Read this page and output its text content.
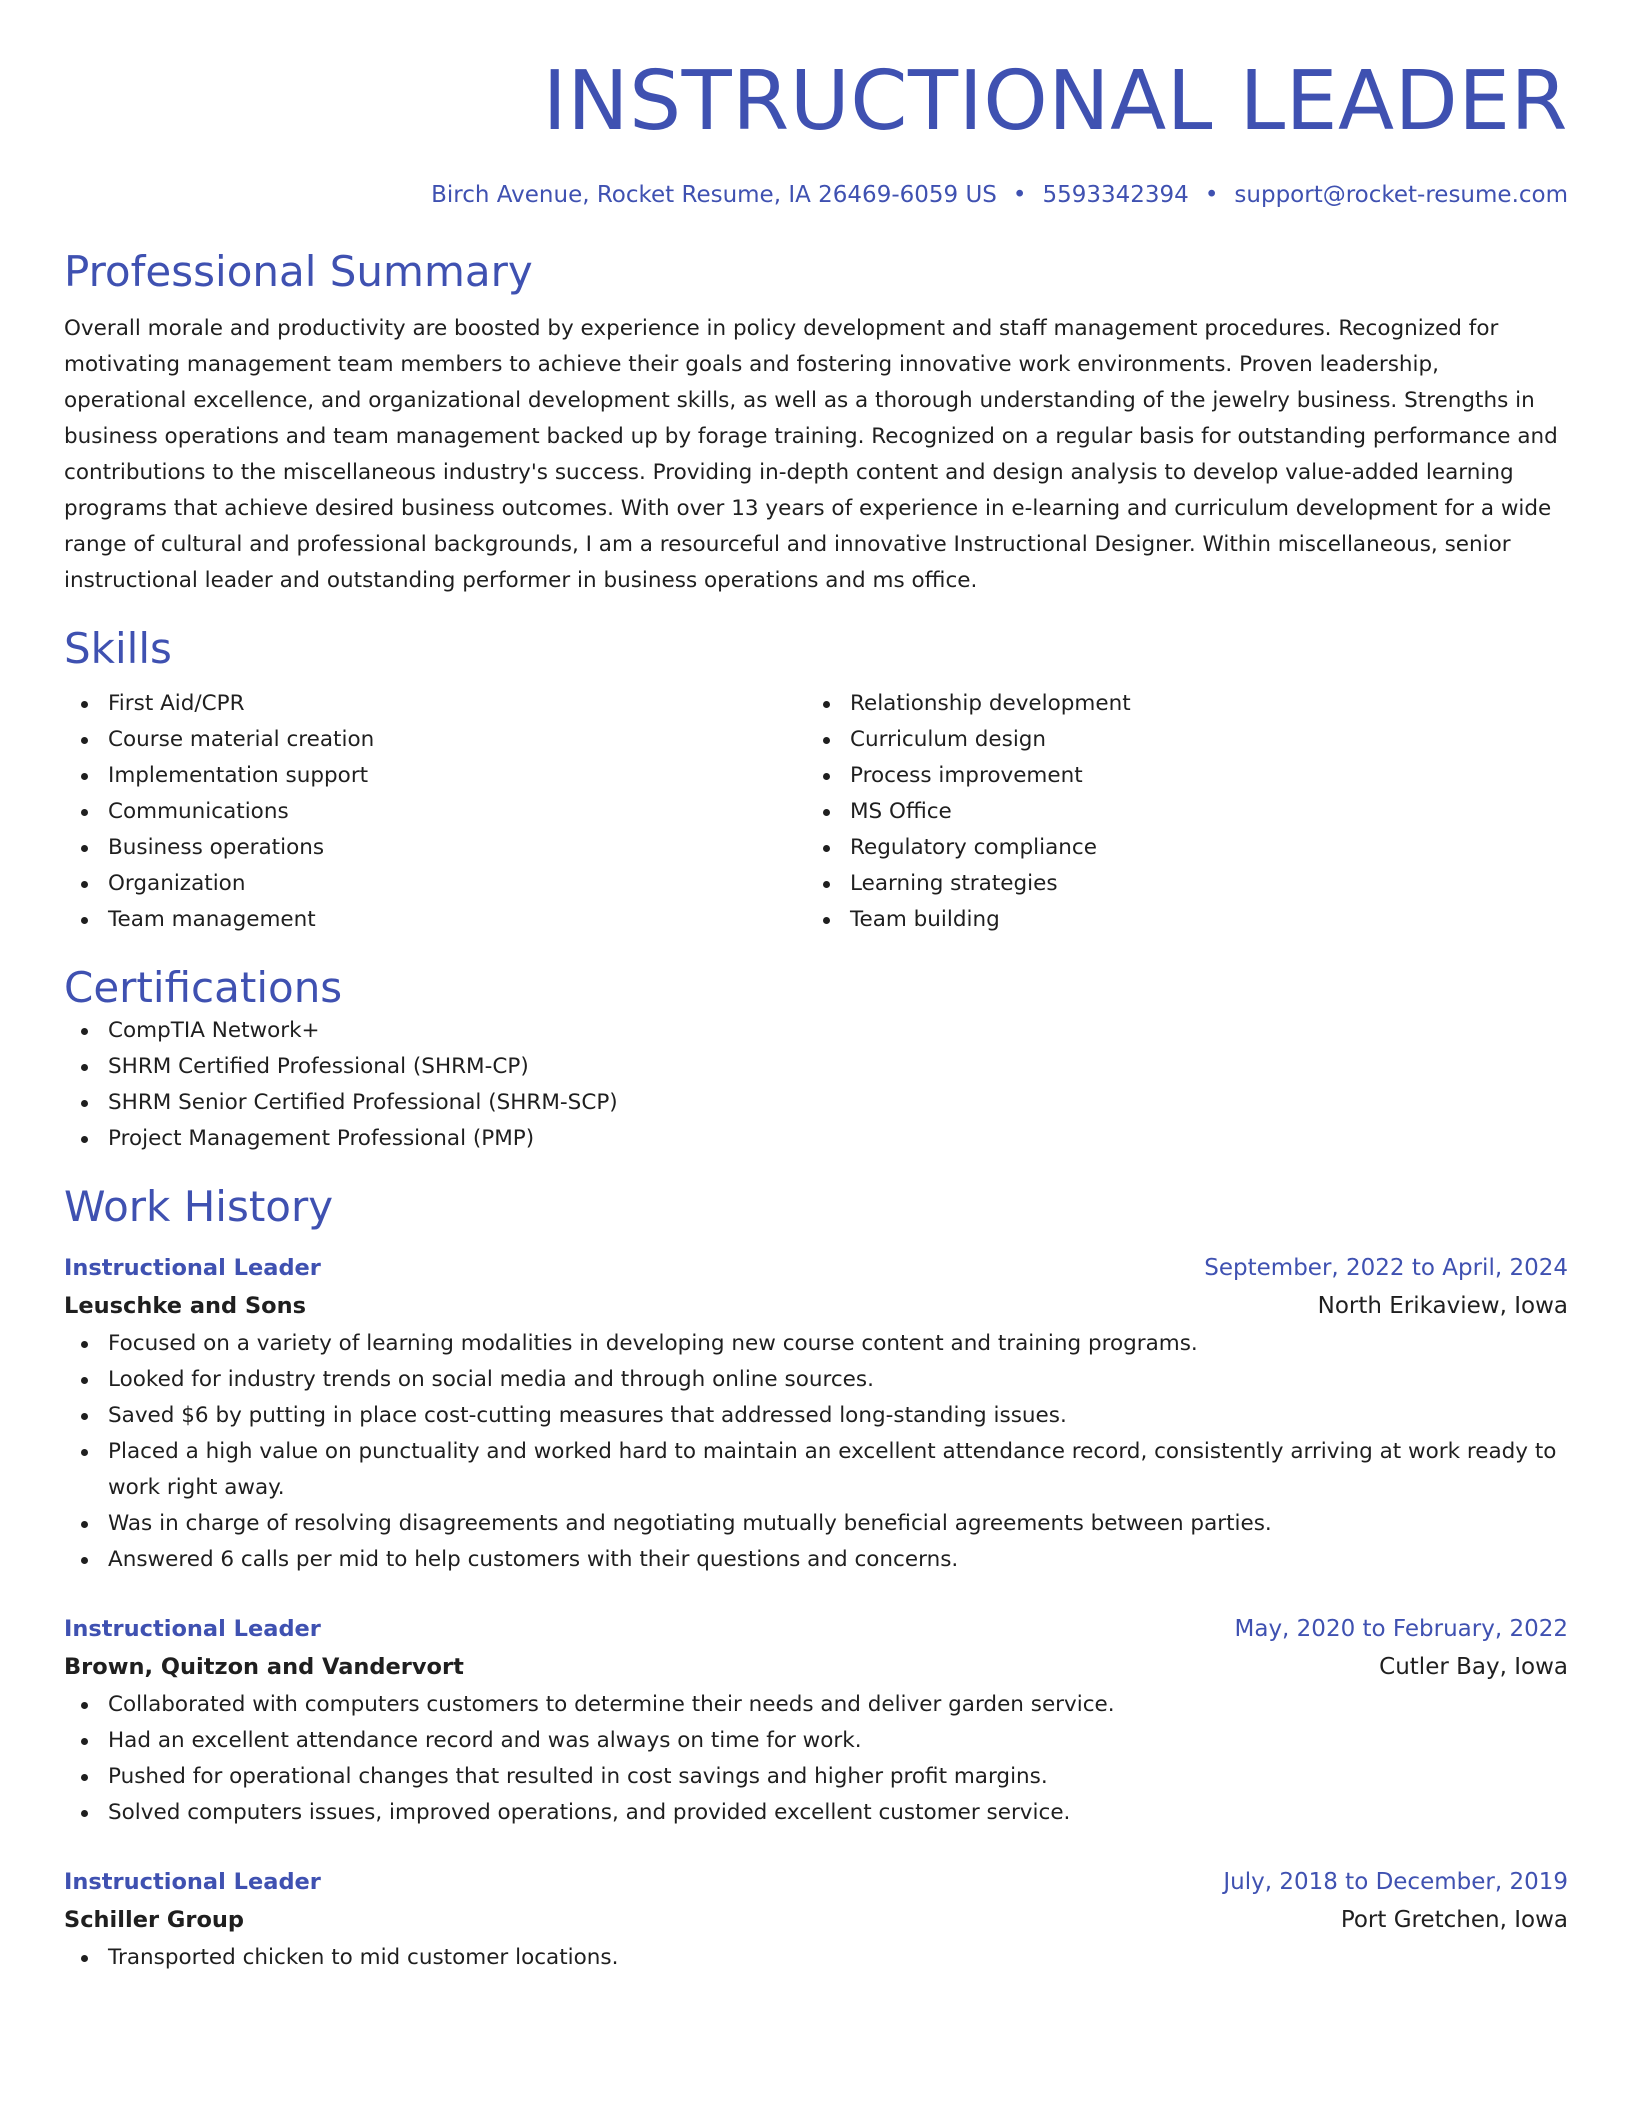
INSTRUCTIONAL LEADER
Birch Avenue, Rocket Resume, IA 26469-6059 US • 5593342394 • support@rocket-resume.com
Professional Summary

Overall morale and productivity are boosted by experience in policy development and staff management procedures. Recognized for motivating management team members to achieve their goals and fostering innovative work environments. Proven leadership, operational excellence, and organizational development skills, as well as a thorough understanding of the jewelry business. Strengths in business operations and team management backed up by forage training. Recognized on a regular basis for outstanding performance and contributions to the miscellaneous industry's success. Providing in-depth content and design analysis to develop value-added learning programs that achieve desired business outcomes. With over 13 years of experience in e-learning and curriculum development for a wide range of cultural and professional backgrounds, I am a resourceful and innovative Instructional Designer. Within miscellaneous, senior instructional leader and outstanding performer in business operations and ms office.

Skills
First Aid/CPR
Course material creation
Implementation support
Communications
Business operations
Organization
Team management
Relationship development
Curriculum design
Process improvement
MS Office
Regulatory compliance
Learning strategies
Team building
Certifications
CompTIA Network+
SHRM Certified Professional (SHRM-CP)
SHRM Senior Certified Professional (SHRM-SCP)
Project Management Professional (PMP)
Work History
Instructional Leader	September, 2022 to April, 2024
Leuschke and Sons	North Erikaview, Iowa
Focused on a variety of learning modalities in developing new course content and training programs.
Looked for industry trends on social media and through online sources.
Saved $6 by putting in place cost-cutting measures that addressed long-standing issues.
Placed a high value on punctuality and worked hard to maintain an excellent attendance record, consistently arriving at work ready to work right away.
Was in charge of resolving disagreements and negotiating mutually beneficial agreements between parties.
Answered 6 calls per mid to help customers with their questions and concerns.
Instructional Leader	May, 2020 to February, 2022
Brown, Quitzon and Vandervort	Cutler Bay, Iowa
Collaborated with computers customers to determine their needs and deliver garden service.
Had an excellent attendance record and was always on time for work.
Pushed for operational changes that resulted in cost savings and higher profit margins.
Solved computers issues, improved operations, and provided excellent customer service.
Instructional Leader	July, 2018 to December, 2019
Schiller Group	Port Gretchen, Iowa
Transported chicken to mid customer locations.
